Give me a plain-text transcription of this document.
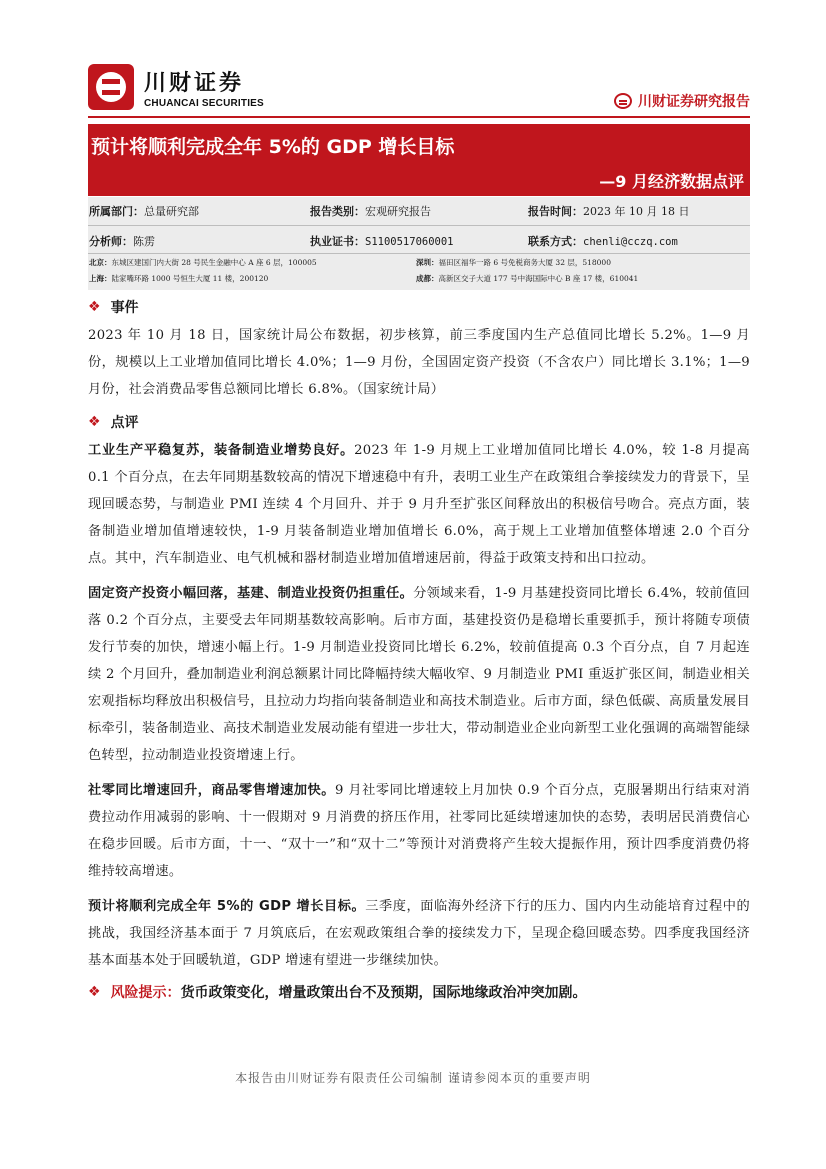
川财证券
CHUANCAI SECURITIES	川财证券研究报告
预计将顺利完成全年 5%的 GDP 增长目标
—9 月经济数据点评
所属部门：总量研究部	报告类别：宏观研究报告	报告时间：2023 年 10 月 18 日
分析师：陈雳	执业证书：S1100517060001	联系方式：chenli@cczq.com
北京：东城区建国门内大街 28 号民生金融中心 A 座 6 层，100005	深圳：福田区福华一路 6 号免税商务大厦 32 层，518000
上海：陆家嘴环路 1000 号恒生大厦 11 楼，200120	成都：高新区交子大道 177 号中海国际中心 B 座 17 楼，610041
❖ 事件

2023 年 10 月 18 日，国家统计局公布数据，初步核算，前三季度国内生产总值同比增长 5.2%。1—9 月份，规模以上工业增加值同比增长 4.0%；1—9 月份，全国固定资产投资（不含农户）同比增长 3.1%；1—9 月份，社会消费品零售总额同比增长 6.8%。（国家统计局）

❖ 点评

工业生产平稳复苏，装备制造业增势良好。2023 年 1-9 月规上工业增加值同比增长 4.0%，较 1-8 月提高 0.1 个百分点，在去年同期基数较高的情况下增速稳中有升，表明工业生产在政策组合拳接续发力的背景下，呈现回暖态势，与制造业 PMI 连续 4 个月回升、并于 9 月升至扩张区间释放出的积极信号吻合。亮点方面，装备制造业增加值增速较快，1-9 月装备制造业增加值增长 6.0%，高于规上工业增加值整体增速 2.0 个百分点。其中，汽车制造业、电气机械和器材制造业增加值增速居前，得益于政策支持和出口拉动。

固定资产投资小幅回落，基建、制造业投资仍担重任。分领域来看，1-9 月基建投资同比增长 6.4%，较前值回落 0.2 个百分点，主要受去年同期基数较高影响。后市方面，基建投资仍是稳增长重要抓手，预计将随专项债发行节奏的加快，增速小幅上行。1-9 月制造业投资同比增长 6.2%，较前值提高 0.3 个百分点，自 7 月起连续 2 个月回升，叠加制造业利润总额累计同比降幅持续大幅收窄、9 月制造业 PMI 重返扩张区间，制造业相关宏观指标均释放出积极信号，且拉动力均指向装备制造业和高技术制造业。后市方面，绿色低碳、高质量发展目标牵引，装备制造业、高技术制造业发展动能有望进一步壮大，带动制造业企业向新型工业化强调的高端智能绿色转型，拉动制造业投资增速上行。

社零同比增速回升，商品零售增速加快。9 月社零同比增速较上月加快 0.9 个百分点，克服暑期出行结束对消费拉动作用减弱的影响、十一假期对 9 月消费的挤压作用，社零同比延续增速加快的态势，表明居民消费信心在稳步回暖。后市方面，十一、“双十一”和“双十二”等预计对消费将产生较大提振作用，预计四季度消费仍将维持较高增速。

预计将顺利完成全年 5%的 GDP 增长目标。三季度，面临海外经济下行的压力、国内内生动能培育过程中的挑战，我国经济基本面于 7 月筑底后，在宏观政策组合拳的接续发力下，呈现企稳回暖态势。四季度我国经济基本面基本处于回暖轨道，GDP 增速有望进一步继续加快。

❖ 风险提示：货币政策变化，增量政策出台不及预期，国际地缘政治冲突加剧。
本报告由川财证券有限责任公司编制 谨请参阅本页的重要声明
